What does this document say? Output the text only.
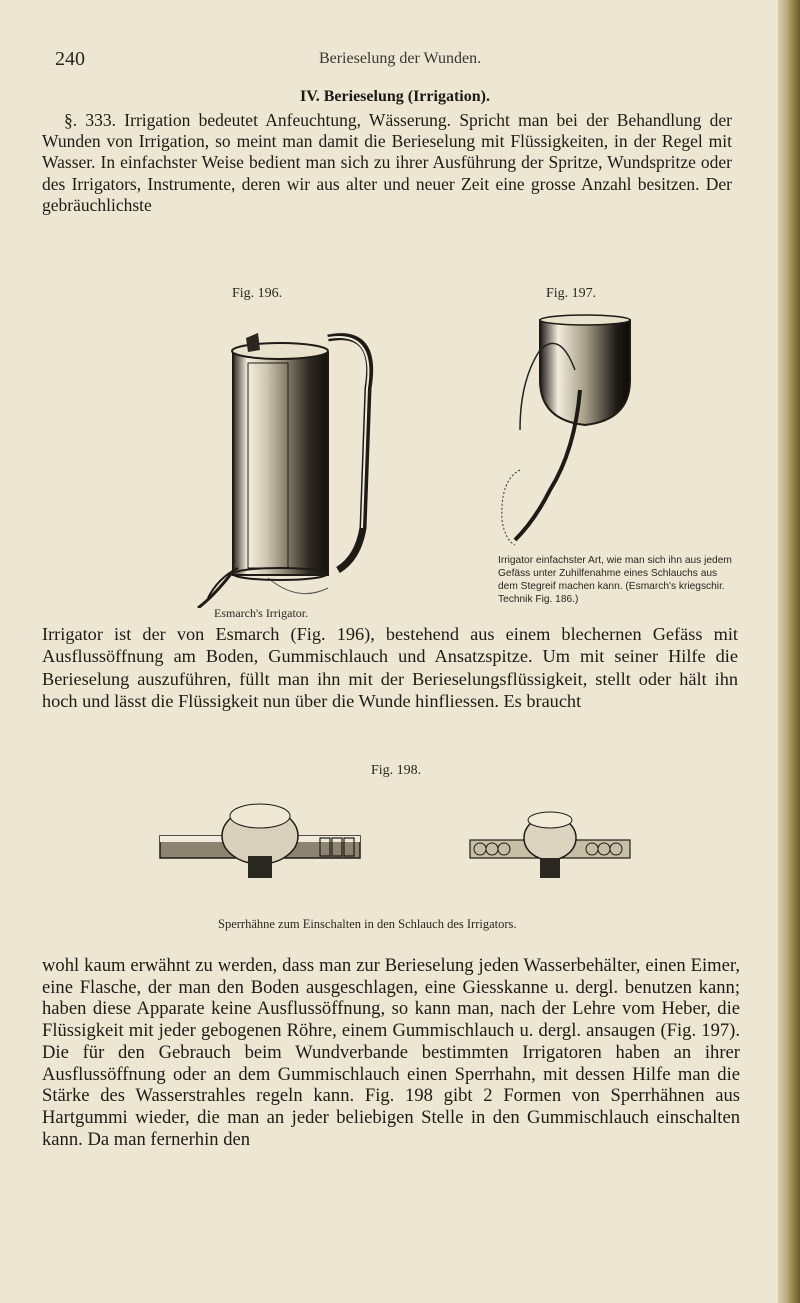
240	Berieselung der Wunden.
IV. Berieselung (Irrigation).
§. 333. Irrigation bedeutet Anfeuchtung, Wässerung. Spricht man bei der Behandlung der Wunden von Irrigation, so meint man damit die Berieselung mit Flüssigkeiten, in der Regel mit Wasser. In einfachster Weise bedient man sich zu ihrer Ausführung der Spritze, Wundspritze oder des Irrigators, Instrumente, deren wir aus alter und neuer Zeit eine grosse Anzahl besitzen. Der gebräuchlichste
Fig. 196.
Esmarch's Irrigator.
Fig. 197.
Irrigator einfachster Art, wie man sich ihn aus jedem Gefäss unter Zuhilfenahme eines Schlauchs aus dem Stegreif machen kann. (Esmarch's kriegschir. Technik Fig. 186.)
Irrigator ist der von Esmarch (Fig. 196), bestehend aus einem blechernen Gefäss mit Ausflussöffnung am Boden, Gummischlauch und Ansatzspitze. Um mit seiner Hilfe die Berieselung auszuführen, füllt man ihn mit der Berieselungsflüssigkeit, stellt oder hält ihn hoch und lässt die Flüssigkeit nun über die Wunde hinfliessen. Es braucht
Fig. 198.
Sperrhähne zum Einschalten in den Schlauch des Irrigators.
wohl kaum erwähnt zu werden, dass man zur Berieselung jeden Wasserbehälter, einen Eimer, eine Flasche, der man den Boden ausgeschlagen, eine Giesskanne u. dergl. benutzen kann; haben diese Apparate keine Ausflussöffnung, so kann man, nach der Lehre vom Heber, die Flüssigkeit mit jeder gebogenen Röhre, einem Gummischlauch u. dergl. ansaugen (Fig. 197). Die für den Gebrauch beim Wundverbande bestimmten Irrigatoren haben an ihrer Ausflussöffnung oder an dem Gummischlauch einen Sperrhahn, mit dessen Hilfe man die Stärke des Wasserstrahles regeln kann. Fig. 198 gibt 2 Formen von Sperrhähnen aus Hartgummi wieder, die man an jeder beliebigen Stelle in den Gummischlauch einschalten kann. Da man fernerhin den
